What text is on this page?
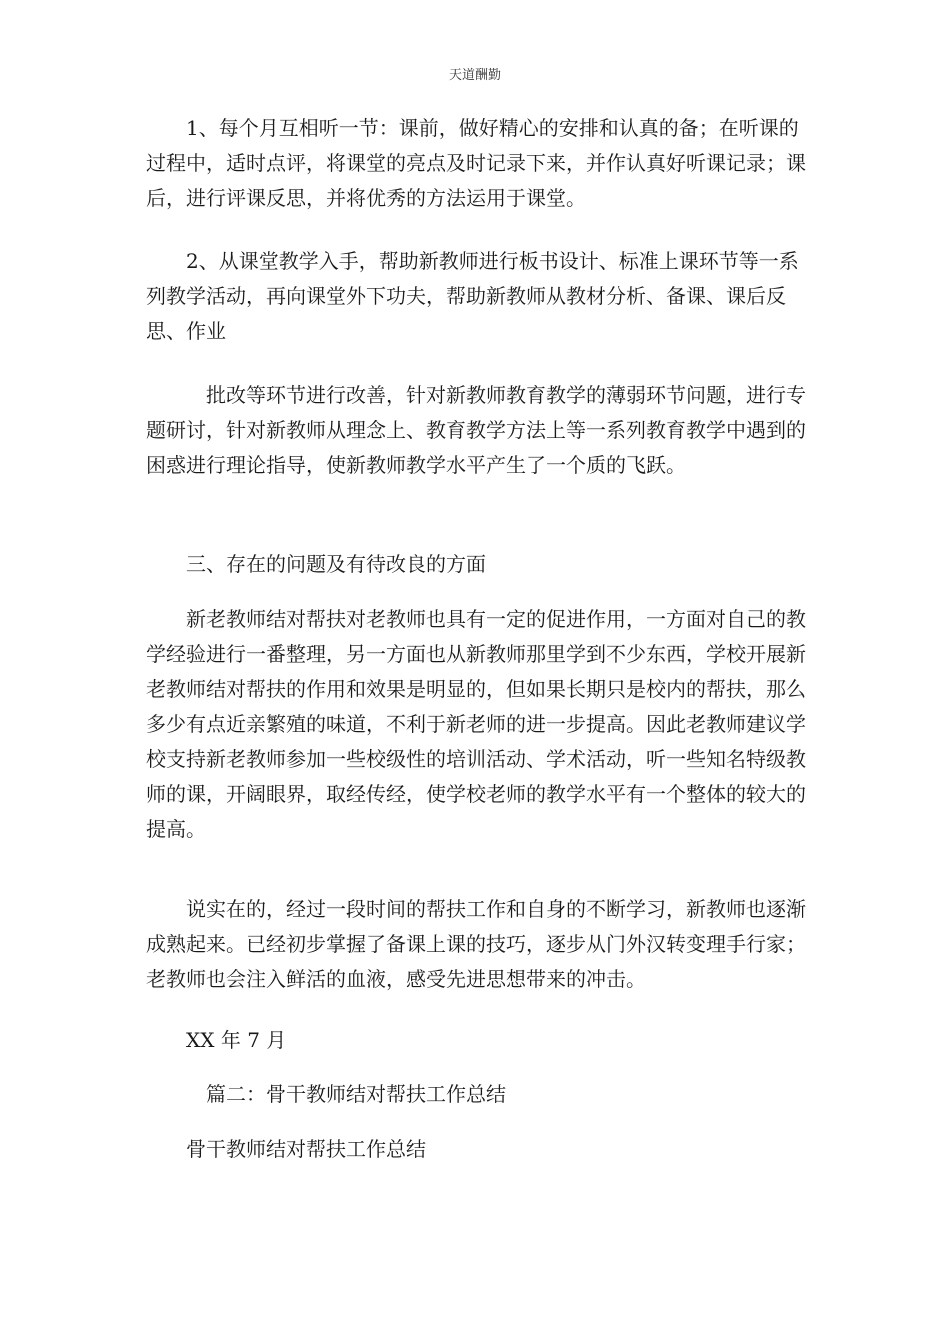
天道酬勤

　　1、每个月互相听一节：课前，做好精心的安排和认真的备；在听课的过程中，适时点评，将课堂的亮点及时记录下来，并作认真好听课记录；课后，进行评课反思，并将优秀的方法运用于课堂。

　　2、从课堂教学入手，帮助新教师进行板书设计、标准上课环节等一系列教学活动，再向课堂外下功夫，帮助新教师从教材分析、备课、课后反思、作业

　　　批改等环节进行改善，针对新教师教育教学的薄弱环节问题，进行专题研讨，针对新教师从理念上、教育教学方法上等一系列教育教学中遇到的困惑进行理论指导，使新教师教学水平产生了一个质的飞跃。

　　三、存在的问题及有待改良的方面

　　新老教师结对帮扶对老教师也具有一定的促进作用，一方面对自己的教学经验进行一番整理，另一方面也从新教师那里学到不少东西，学校开展新老教师结对帮扶的作用和效果是明显的，但如果长期只是校内的帮扶，那么多少有点近亲繁殖的味道，不利于新老师的进一步提高。因此老教师建议学校支持新老教师参加一些校级性的培训活动、学术活动，听一些知名特级教师的课，开阔眼界，取经传经，使学校老师的教学水平有一个整体的较大的提高。

　　说实在的，经过一段时间的帮扶工作和自身的不断学习，新教师也逐渐成熟起来。已经初步掌握了备课上课的技巧，逐步从门外汉转变理手行家；老教师也会注入鲜活的血液，感受先进思想带来的冲击。

　　XX 年 7 月

　　　篇二：骨干教师结对帮扶工作总结

　　骨干教师结对帮扶工作总结
